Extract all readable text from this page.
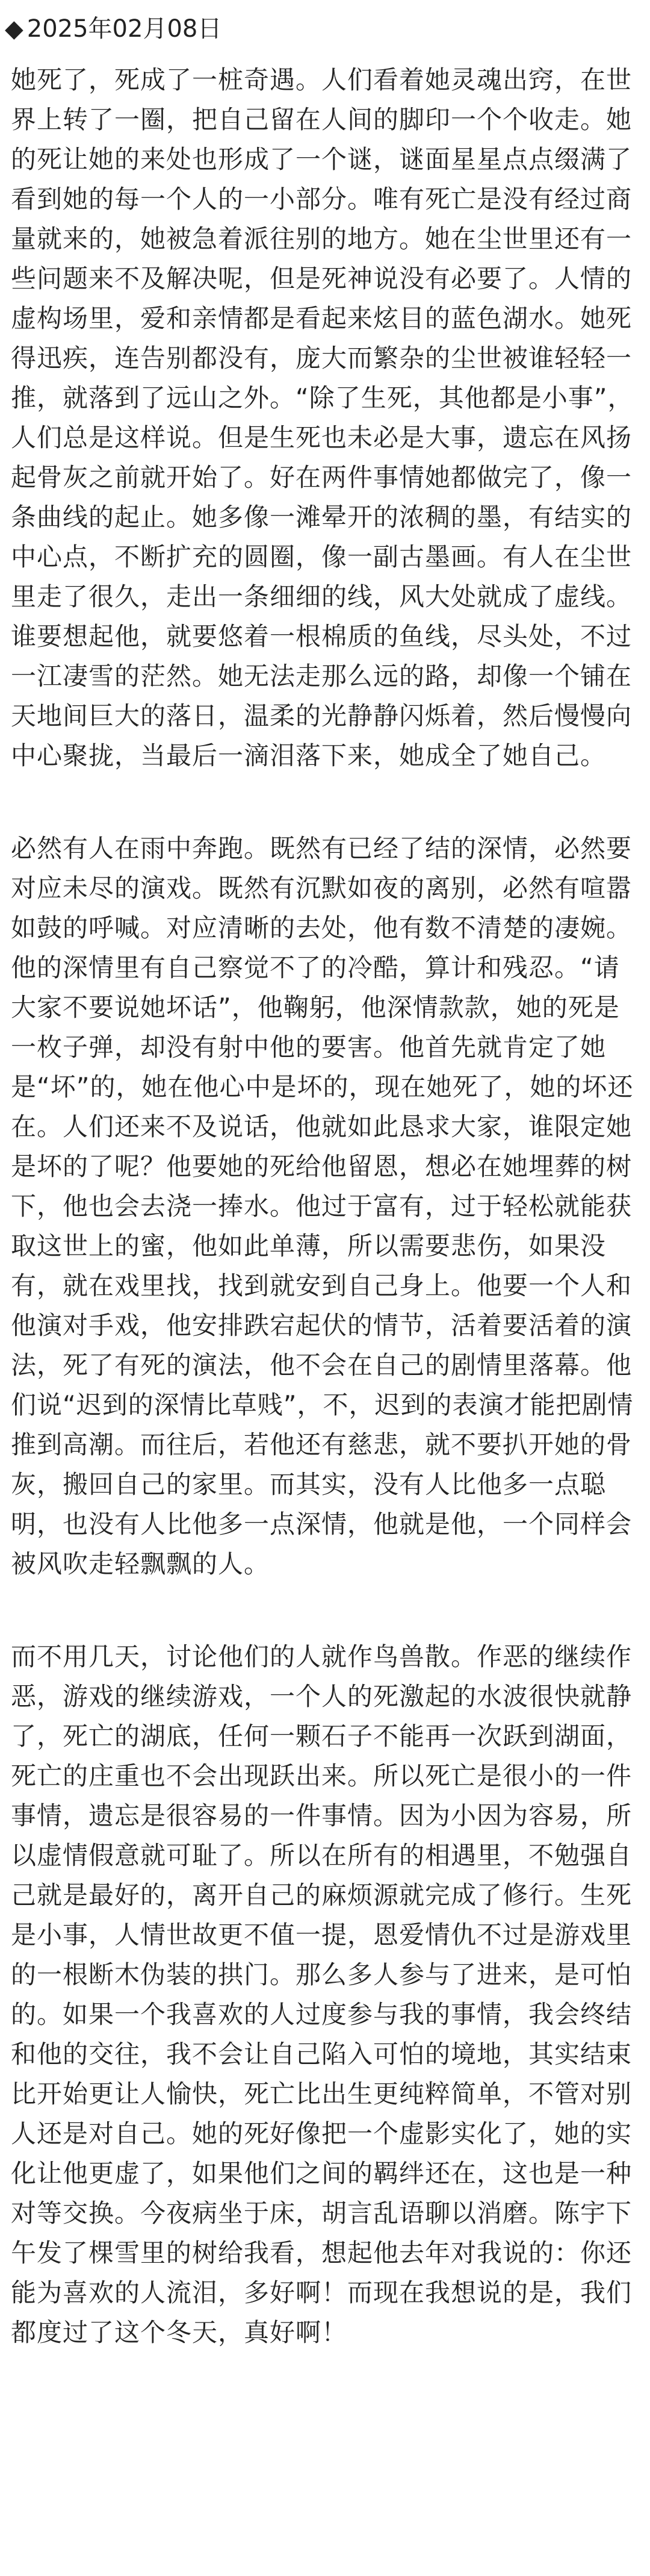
◆ 2025年02月08日

她死了，死成了一桩奇遇。人们看着她灵魂出窍，在世界上转了一圈，把自己留在人间的脚印一个个收走。她的死让她的来处也形成了一个谜，谜面星星点点缀满了看到她的每一个人的一小部分。唯有死亡是没有经过商量就来的，她被急着派往别的地方。她在尘世里还有一些问题来不及解决呢，但是死神说没有必要了。人情的虚构场里，爱和亲情都是看起来炫目的蓝色湖水。她死得迅疾，连告别都没有，庞大而繁杂的尘世被谁轻轻一推，就落到了远山之外。“除了生死，其他都是小事”，人们总是这样说。但是生死也未必是大事，遗忘在风扬起骨灰之前就开始了。好在两件事情她都做完了，像一条曲线的起止。她多像一滩晕开的浓稠的墨，有结实的中心点，不断扩充的圆圈，像一副古墨画。有人在尘世里走了很久，走出一条细细的线，风大处就成了虚线。谁要想起他，就要悠着一根棉质的鱼线，尽头处，不过一江凄雪的茫然。她无法走那么远的路，却像一个铺在天地间巨大的落日，温柔的光静静闪烁着，然后慢慢向中心聚拢，当最后一滴泪落下来，她成全了她自己。

必然有人在雨中奔跑。既然有已经了结的深情，必然要对应未尽的演戏。既然有沉默如夜的离别，必然有喧嚣如鼓的呼喊。对应清晰的去处，他有数不清楚的凄婉。他的深情里有自己察觉不了的冷酷，算计和残忍。“请大家不要说她坏话”，他鞠躬，他深情款款，她的死是一枚子弹，却没有射中他的要害。他首先就肯定了她是“坏”的，她在他心中是坏的，现在她死了，她的坏还在。人们还来不及说话，他就如此恳求大家，谁限定她是坏的了呢？他要她的死给他留恩，想必在她埋葬的树下，他也会去浇一捧水。他过于富有，过于轻松就能获取这世上的蜜，他如此单薄，所以需要悲伤，如果没有，就在戏里找，找到就安到自己身上。他要一个人和他演对手戏，他安排跌宕起伏的情节，活着要活着的演法，死了有死的演法，他不会在自己的剧情里落幕。他们说“迟到的深情比草贱”，不，迟到的表演才能把剧情推到高潮。而往后，若他还有慈悲，就不要扒开她的骨灰，搬回自己的家里。而其实，没有人比他多一点聪明，也没有人比他多一点深情，他就是他，一个同样会被风吹走轻飘飘的人。

而不用几天，讨论他们的人就作鸟兽散。作恶的继续作恶，游戏的继续游戏，一个人的死激起的水波很快就静了，死亡的湖底，任何一颗石子不能再一次跃到湖面，死亡的庄重也不会出现跃出来。所以死亡是很小的一件事情，遗忘是很容易的一件事情。因为小因为容易，所以虚情假意就可耻了。所以在所有的相遇里，不勉强自己就是最好的，离开自己的麻烦源就完成了修行。生死是小事，人情世故更不值一提，恩爱情仇不过是游戏里的一根断木伪装的拱门。那么多人参与了进来，是可怕的。如果一个我喜欢的人过度参与我的事情，我会终结和他的交往，我不会让自己陷入可怕的境地，其实结束比开始更让人愉快，死亡比出生更纯粹简单，不管对别人还是对自己。她的死好像把一个虚影实化了，她的实化让他更虚了，如果他们之间的羁绊还在，这也是一种对等交换。今夜病坐于床，胡言乱语聊以消磨。陈宇下午发了棵雪里的树给我看，想起他去年对我说的：你还能为喜欢的人流泪，多好啊！而现在我想说的是，我们都度过了这个冬天，真好啊！
